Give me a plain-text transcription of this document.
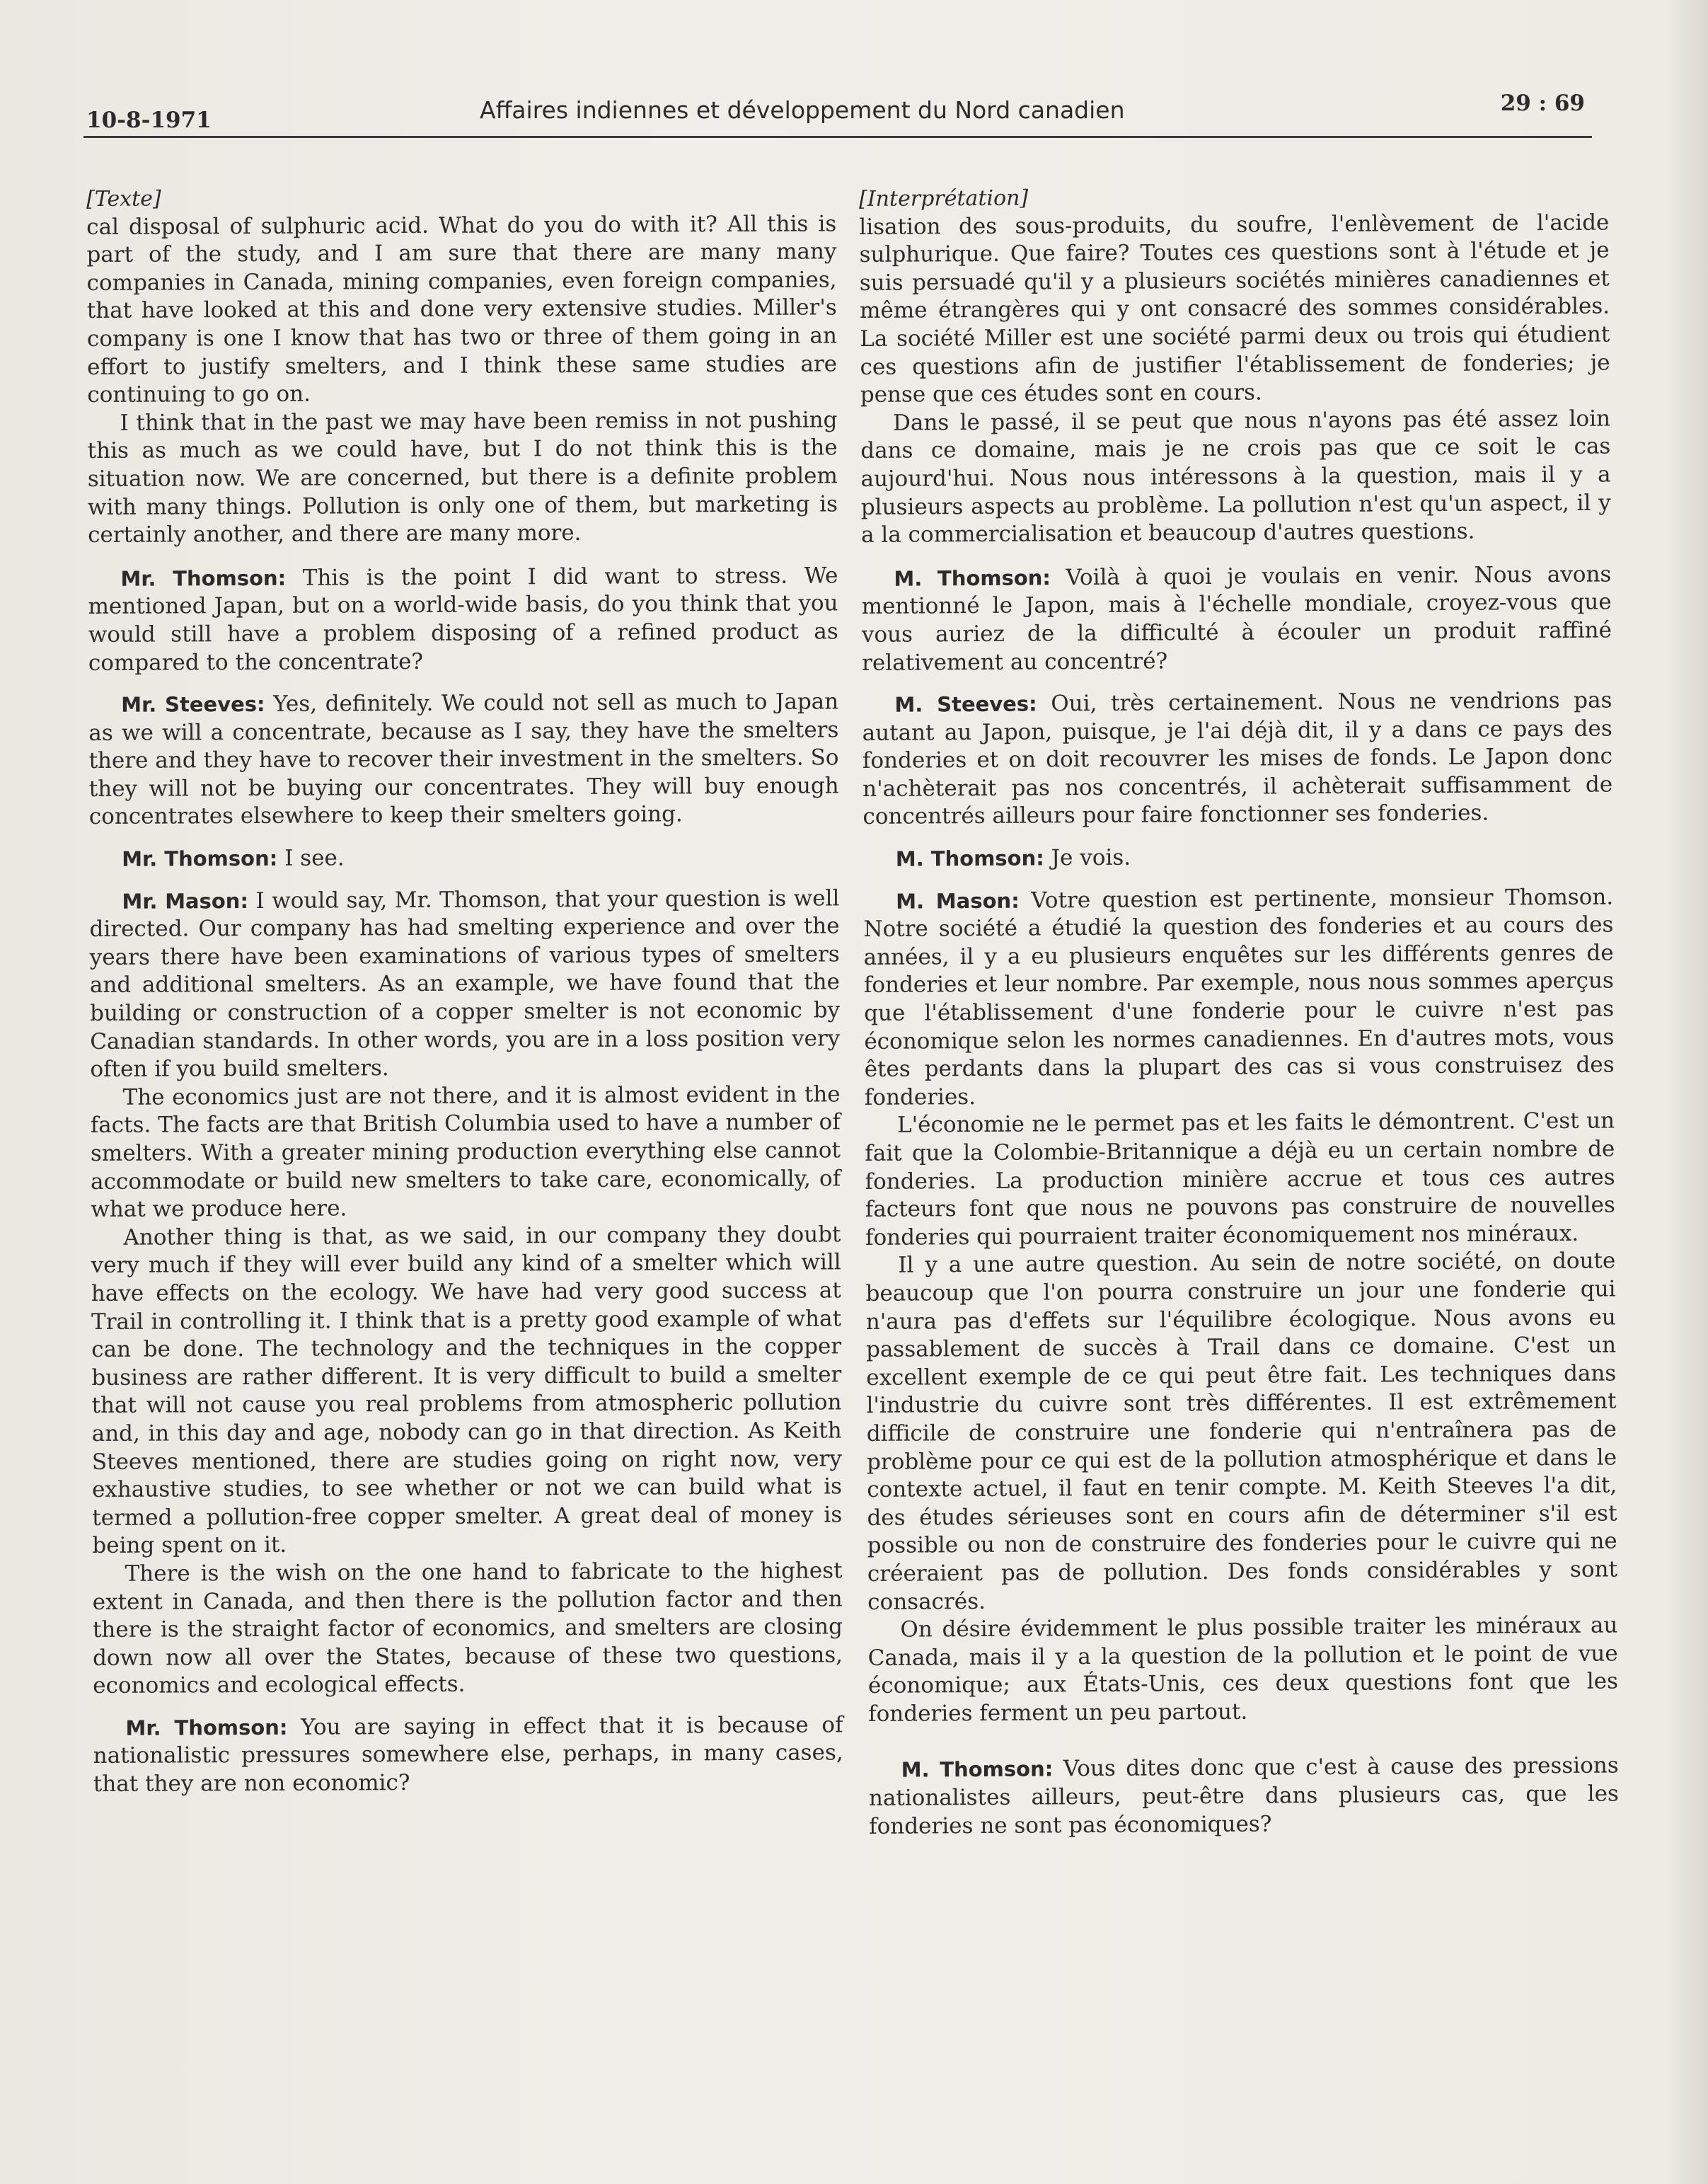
10-8-1971	Affaires indiennes et développement du Nord canadien	29 : 69

[Texte]

cal disposal of sulphuric acid. What do you do with it? All this is part of the study, and I am sure that there are many many companies in Canada, mining companies, even foreign companies, that have looked at this and done very extensive studies. Miller's company is one I know that has two or three of them going in an effort to justify smelters, and I think these same studies are continuing to go on.

I think that in the past we may have been remiss in not pushing this as much as we could have, but I do not think this is the situation now. We are concerned, but there is a definite problem with many things. Pollution is only one of them, but marketing is certainly another, and there are many more.

Mr. Thomson: This is the point I did want to stress. We mentioned Japan, but on a world-wide basis, do you think that you would still have a problem disposing of a refined product as compared to the concentrate?

Mr. Steeves: Yes, definitely. We could not sell as much to Japan as we will a concentrate, because as I say, they have the smelters there and they have to recover their investment in the smelters. So they will not be buying our concentrates. They will buy enough concentrates elsewhere to keep their smelters going.

Mr. Thomson: I see.

Mr. Mason: I would say, Mr. Thomson, that your question is well directed. Our company has had smelting experience and over the years there have been examinations of various types of smelters and additional smelters. As an example, we have found that the building or construction of a copper smelter is not economic by Canadian standards. In other words, you are in a loss position very often if you build smelters.

The economics just are not there, and it is almost evident in the facts. The facts are that British Columbia used to have a number of smelters. With a greater mining production everything else cannot accommodate or build new smelters to take care, economically, of what we produce here.

Another thing is that, as we said, in our company they doubt very much if they will ever build any kind of a smelter which will have effects on the ecology. We have had very good success at Trail in controlling it. I think that is a pretty good example of what can be done. The technology and the techniques in the copper business are rather different. It is very difficult to build a smelter that will not cause you real problems from atmospheric pollution and, in this day and age, nobody can go in that direction. As Keith Steeves mentioned, there are studies going on right now, very exhaustive studies, to see whether or not we can build what is termed a pollution-free copper smelter. A great deal of money is being spent on it.

There is the wish on the one hand to fabricate to the highest extent in Canada, and then there is the pollution factor and then there is the straight factor of economics, and smelters are closing down now all over the States, because of these two questions, economics and ecological effects.

Mr. Thomson: You are saying in effect that it is because of nationalistic pressures somewhere else, perhaps, in many cases, that they are non economic?

[Interprétation]

lisation des sous-produits, du soufre, l'enlèvement de l'acide sulphurique. Que faire? Toutes ces questions sont à l'étude et je suis persuadé qu'il y a plusieurs sociétés minières canadiennes et même étrangères qui y ont consacré des sommes considérables. La société Miller est une société parmi deux ou trois qui étudient ces questions afin de justifier l'établissement de fonderies; je pense que ces études sont en cours.

Dans le passé, il se peut que nous n'ayons pas été assez loin dans ce domaine, mais je ne crois pas que ce soit le cas aujourd'hui. Nous nous intéressons à la question, mais il y a plusieurs aspects au problème. La pollution n'est qu'un aspect, il y a la commercialisation et beaucoup d'autres questions.

M. Thomson: Voilà à quoi je voulais en venir. Nous avons mentionné le Japon, mais à l'échelle mondiale, croyez-vous que vous auriez de la difficulté à écouler un produit raffiné relativement au concentré?

M. Steeves: Oui, très certainement. Nous ne vendrions pas autant au Japon, puisque, je l'ai déjà dit, il y a dans ce pays des fonderies et on doit recouvrer les mises de fonds. Le Japon donc n'achèterait pas nos concentrés, il achèterait suffisamment de concentrés ailleurs pour faire fonctionner ses fonderies.

M. Thomson: Je vois.

M. Mason: Votre question est pertinente, monsieur Thomson. Notre société a étudié la question des fonderies et au cours des années, il y a eu plusieurs enquêtes sur les différents genres de fonderies et leur nombre. Par exemple, nous nous sommes aperçus que l'établissement d'une fonderie pour le cuivre n'est pas économique selon les normes canadiennes. En d'autres mots, vous êtes perdants dans la plupart des cas si vous construisez des fonderies.

L'économie ne le permet pas et les faits le démontrent. C'est un fait que la Colombie-Britannique a déjà eu un certain nombre de fonderies. La production minière accrue et tous ces autres facteurs font que nous ne pouvons pas construire de nouvelles fonderies qui pourraient traiter économiquement nos minéraux.

Il y a une autre question. Au sein de notre société, on doute beaucoup que l'on pourra construire un jour une fonderie qui n'aura pas d'effets sur l'équilibre écologique. Nous avons eu passablement de succès à Trail dans ce domaine. C'est un excellent exemple de ce qui peut être fait. Les techniques dans l'industrie du cuivre sont très différentes. Il est extrêmement difficile de construire une fonderie qui n'entraînera pas de problème pour ce qui est de la pollution atmosphérique et dans le contexte actuel, il faut en tenir compte. M. Keith Steeves l'a dit, des études sérieuses sont en cours afin de déterminer s'il est possible ou non de construire des fonderies pour le cuivre qui ne créeraient pas de pollution. Des fonds considérables y sont consacrés.

On désire évidemment le plus possible traiter les minéraux au Canada, mais il y a la question de la pollution et le point de vue économique; aux États-Unis, ces deux questions font que les fonderies ferment un peu partout.

M. Thomson: Vous dites donc que c'est à cause des pressions nationalistes ailleurs, peut-être dans plusieurs cas, que les fonderies ne sont pas économiques?
